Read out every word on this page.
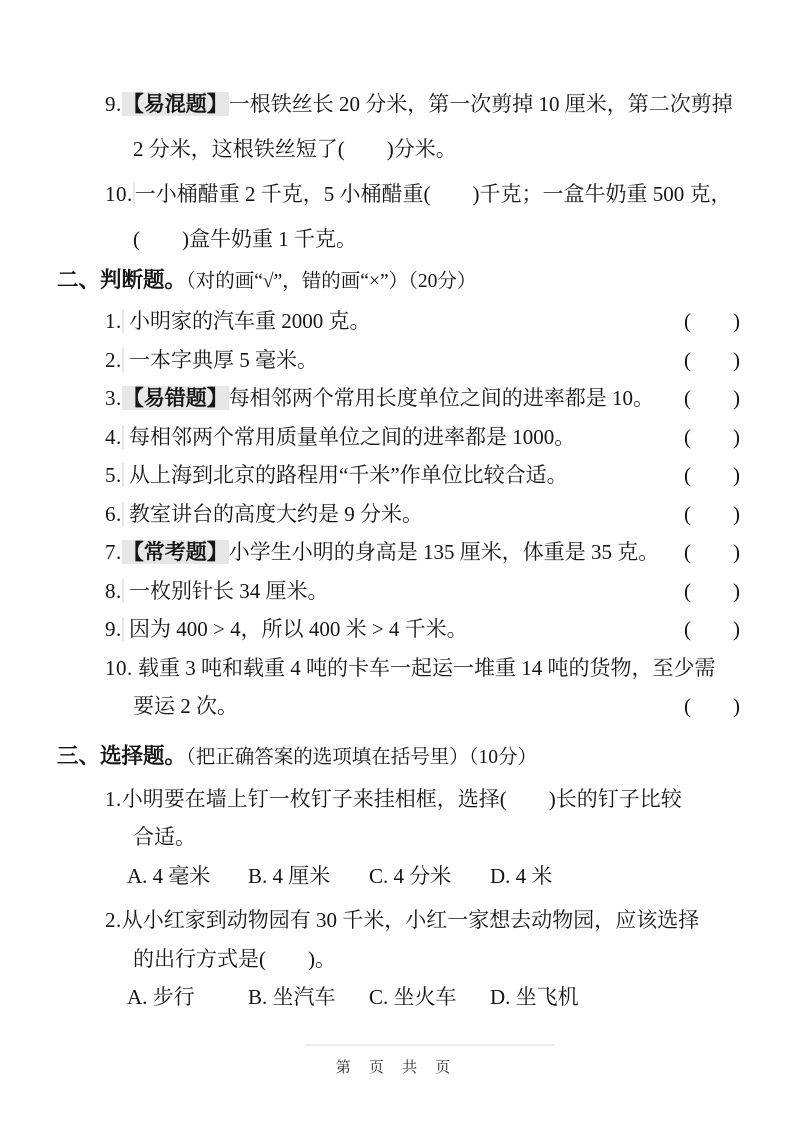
9.【易混题】一根铁丝长 20 分米，第一次剪掉 10 厘米，第二次剪掉
2 分米，这根铁丝短了(　　)分米。
10.一小桶醋重 2 千克，5 小桶醋重(　　)千克；一盒牛奶重 500 克，
(　　)盒牛奶重 1 千克。
二、判断题。（对的画“√”，错的画“×”）（20分）
1. 小明家的汽车重 2000 克。	(　　)
2. 一本字典厚 5 毫米。	(　　)
3.【易错题】每相邻两个常用长度单位之间的进率都是 10。 (　　)
4. 每相邻两个常用质量单位之间的进率都是 1000。	(　　)
5. 从上海到北京的路程用“千米”作单位比较合适。	(　　)
6. 教室讲台的高度大约是 9 分米。	(　　)
7.【常考题】小学生小明的身高是 135 厘米，体重是 35 克。 (　　)
8. 一枚别针长 34 厘米。	(　　)
9. 因为 400 > 4，所以 400 米 > 4 千米。	(　　)
10. 载重 3 吨和载重 4 吨的卡车一起运一堆重 14 吨的货物，至少需
要运 2 次。	(　　)
三、选择题。（把正确答案的选项填在括号里）（10分）
1.小明要在墙上钉一枚钉子来挂相框，选择(　　)长的钉子比较
合适。
A. 4 毫米	B. 4 厘米	C. 4 分米	D. 4 米
2.从小红家到动物园有 30 千米，小红一家想去动物园，应该选择
的出行方式是(　　)。
A. 步行	B. 坐汽车	C. 坐火车	D. 坐飞机
第 页 共 页
